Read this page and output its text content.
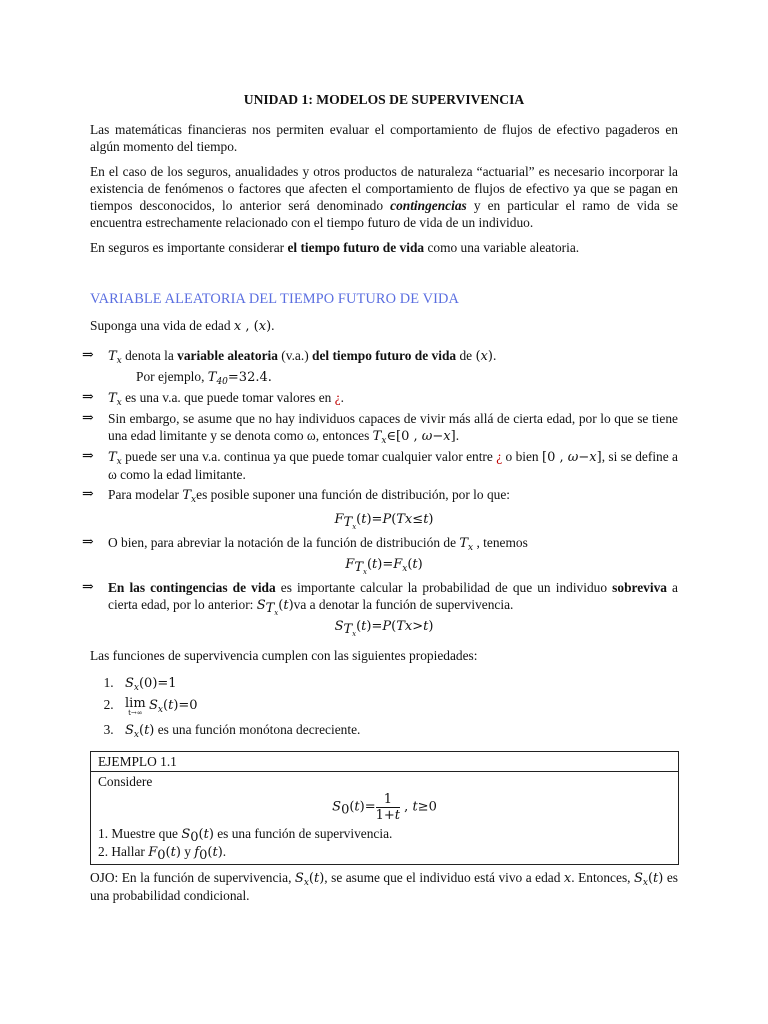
UNIDAD 1: MODELOS DE SUPERVIVENCIA

Las matemáticas financieras nos permiten evaluar el comportamiento de flujos de efectivo pagaderos en algún momento del tiempo.

En el caso de los seguros, anualidades y otros productos de naturaleza “actuarial” es necesario incorporar la existencia de fenómenos o factores que afecten el comportamiento de flujos de efectivo ya que se pagan en tiempos desconocidos, lo anterior será denominado contingencias y en particular el ramo de vida se encuentra estrechamente relacionado con el tiempo futuro de vida de un individuo.

En seguros es importante considerar el tiempo futuro de vida como una variable aleatoria.

VARIABLE ALEATORIA DEL TIEMPO FUTURO DE VIDA

Suponga una vida de edad x , (x).

⇒ $T_x$ denota la variable aleatoria (v.a.) del tiempo futuro de vida de (x).
Por ejemplo, $T_{40}=32.4$.
⇒ $T_x$ es una v.a. que puede tomar valores en ¿.
⇒ Sin embargo, se asume que no hay individuos capaces de vivir más allá de cierta edad, por lo que se tiene una edad limitante y se denota como ω, entonces $T_x\in[0$ , ω−x].
⇒ $T_x$ puede ser una v.a. continua ya que puede tomar cualquier valor entre ¿ o bien [0 , ω−x], si se define a ω como la edad limitante.
⇒ Para modelar $T_xes$ posible suponer una función de distribución, por lo que:
$F_{T_x}(t)=P(Tx\le t)$
⇒ O bien, para abreviar la notación de la función de distribución de $T_x$ , tenemos
$F_{T_x}(t)=F_x(t)$
⇒ En las contingencias de vida es importante calcular la probabilidad de que un individuo sobreviva a cierta edad, por lo anterior: $S_{T_x}(t)va$ a denotar la función de supervivencia.
$S_{T_x}(t)=P(Tx>t)$

Las funciones de supervivencia cumplen con las siguientes propiedades:

1. $S_x(0)=1$
2. lim
t→∞ $S_x(t)=0$
3. $S_x(t)$ es una función monótona decreciente.
EJEMPLO 1.1
Considere
$S_0(t)= \frac{1}{1+t}$ , t≥0
1. Muestre que $S_0(t)$ es una función de supervivencia.
2. Hallar $F_0(t)$ y $f_0(t)$.

OJO: En la función de supervivencia, $S_x(t)$, se asume que el individuo está vivo a edad x. Entonces, $S_x(t)$ es una probabilidad condicional.
